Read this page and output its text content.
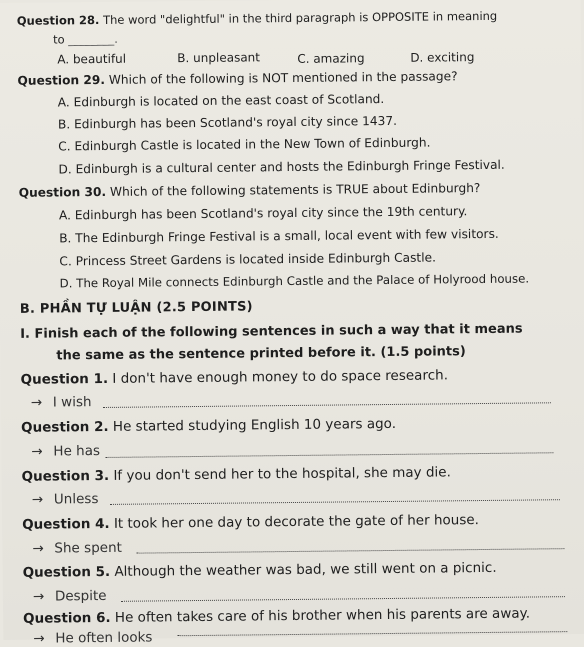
Question 28. The word "delightful" in the third paragraph is OPPOSITE in meaning
to ________.
A. beautiful	B. unpleasant	C. amazing	D. exciting
Question 29. Which of the following is NOT mentioned in the passage?
A. Edinburgh is located on the east coast of Scotland.
B. Edinburgh has been Scotland's royal city since 1437.
C. Edinburgh Castle is located in the New Town of Edinburgh.
D. Edinburgh is a cultural center and hosts the Edinburgh Fringe Festival.
Question 30. Which of the following statements is TRUE about Edinburgh?
A. Edinburgh has been Scotland's royal city since the 19th century.
B. The Edinburgh Fringe Festival is a small, local event with few visitors.
C. Princess Street Gardens is located inside Edinburgh Castle.
D. The Royal Mile connects Edinburgh Castle and the Palace of Holyrood house.
B. PHẦN TỰ LUẬN (2.5 POINTS)
I. Finish each of the following sentences in such a way that it means
the same as the sentence printed before it. (1.5 points)
Question 1. I don't have enough money to do space research.
→ I wish
Question 2. He started studying English 10 years ago.
→ He has
Question 3. If you don't send her to the hospital, she may die.
→ Unless
Question 4. It took her one day to decorate the gate of her house.
→ She spent
Question 5. Although the weather was bad, we still went on a picnic.
→ Despite
Question 6. He often takes care of his brother when his parents are away.
→ He often looks
